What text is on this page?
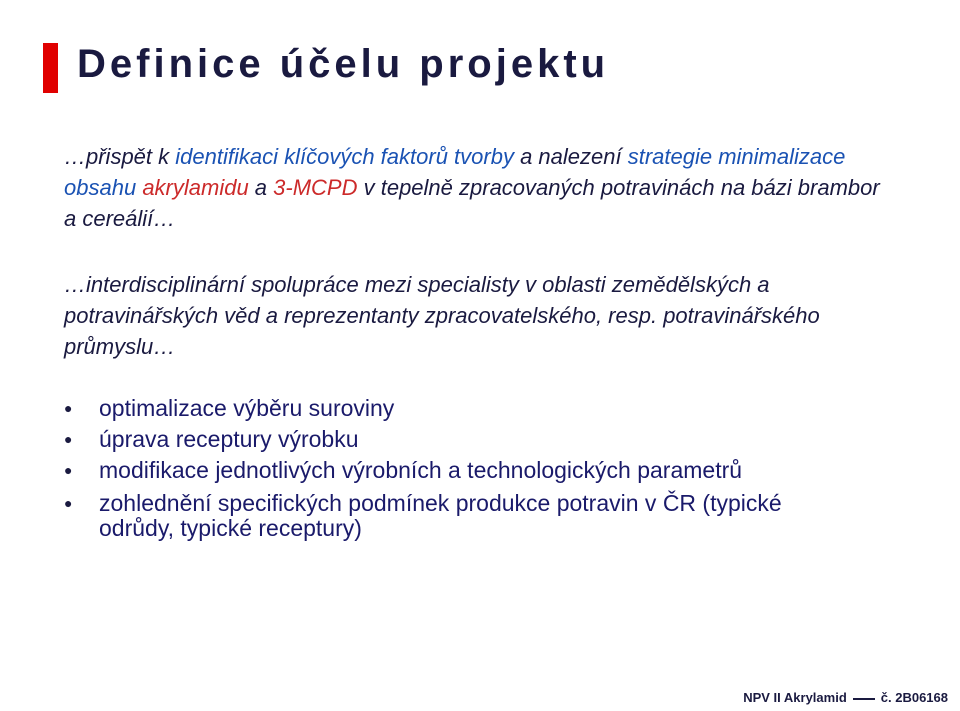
Definice účelu projektu
…přispět k identifikaci klíčových faktorů tvorby a nalezení strategie minimalizace obsahu akrylamidu a 3-MCPD v tepelně zpracovaných potravinách na bázi brambor a cereálií…
…interdisciplinární spolupráce mezi specialisty v oblasti zemědělských a potravinářských věd a reprezentanty zpracovatelského, resp. potravinářského průmyslu…
● optimalizace výběru suroviny
● úprava receptury výrobku
● modifikace jednotlivých výrobních a technologických parametrů
● zohlednění specifických podmínek produkce potravin v ČR (typické odrůdy, typické receptury)
NPV II Akrylamid	č. 2B06168
